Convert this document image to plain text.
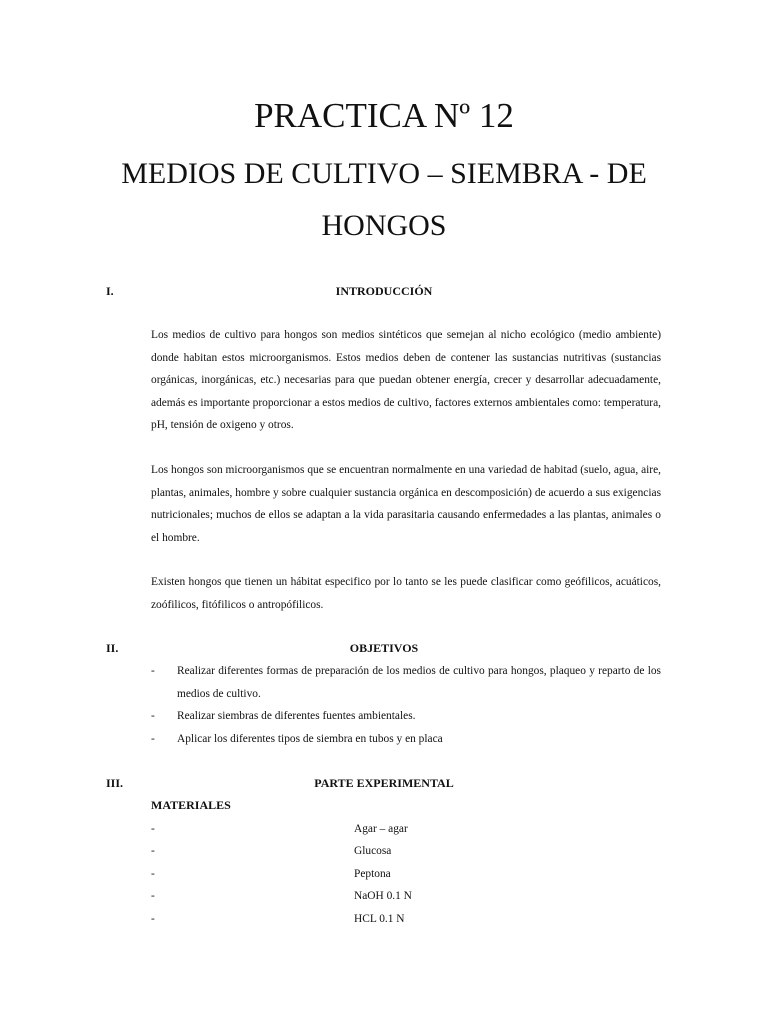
PRACTICA Nº 12
MEDIOS DE CULTIVO – SIEMBRA - DE
HONGOS
I.	INTRODUCCIÓN

Los medios de cultivo para hongos son medios sintéticos que semejan al nicho ecológico (medio ambiente) donde habitan estos microorganismos. Estos medios deben de contener las sustancias nutritivas (sustancias orgánicas, inorgánicas, etc.) necesarias para que puedan obtener energía, crecer y desarrollar adecuadamente, además es importante proporcionar a estos medios de cultivo, factores externos ambientales como: temperatura, pH, tensión de oxigeno y otros.

Los hongos son microorganismos que se encuentran normalmente en una variedad de habitad (suelo, agua, aire, plantas, animales, hombre y sobre cualquier sustancia orgánica en descomposición) de acuerdo a sus exigencias nutricionales; muchos de ellos se adaptan a la vida parasitaria causando enfermedades a las plantas, animales o el hombre.

Existen hongos que tienen un hábitat especifico por lo tanto se les puede clasificar como geófilicos, acuáticos, zoófilicos, fitófilicos o antropófilicos.

II.	OBJETIVOS
- Realizar diferentes formas de preparación de los medios de cultivo para hongos, plaqueo y reparto de los medios de cultivo.
- Realizar siembras de diferentes fuentes ambientales.
- Aplicar los diferentes tipos de siembra en tubos y en placa
III.	PARTE EXPERIMENTAL
MATERIALES
-	Agar – agar
-	Glucosa
-	Peptona
-	NaOH 0.1 N
-	HCL 0.1 N
